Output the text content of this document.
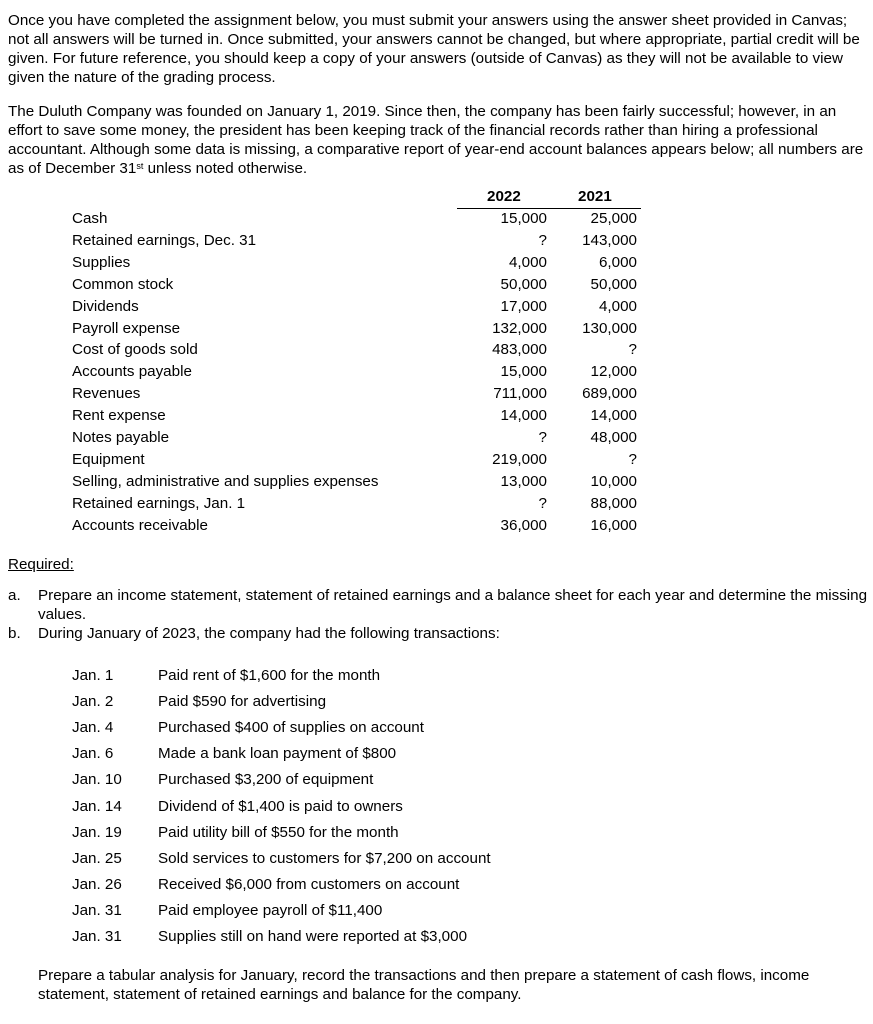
Once you have completed the assignment below, you must submit your answers using the answer sheet provided in Canvas; not all answers will be turned in. Once submitted, your answers cannot be changed, but where appropriate, partial credit will be given. For future reference, you should keep a copy of your answers (outside of Canvas) as they will not be available to view given the nature of the grading process.

The Duluth Company was founded on January 1, 2019. Since then, the company has been fairly successful; however, in an effort to save some money, the president has been keeping track of the financial records rather than hiring a professional accountant. Although some data is missing, a comparative report of year-end account balances appears below; all numbers are as of December 31st unless noted otherwise.

2022	2021
Cash	15,000	25,000
Retained earnings, Dec. 31	? 143,000
Supplies	4,000	6,000
Common stock	50,000	50,000
Dividends	17,000	4,000
Payroll expense	132,000 130,000
Cost of goods sold	483,000	?
Accounts payable	15,000	12,000
Revenues	711,000 689,000
Rent expense	14,000	14,000
Notes payable	?	48,000
Equipment	219,000	?
Selling, administrative and supplies expenses	13,000	10,000
Retained earnings, Jan. 1	?	88,000
Accounts receivable	36,000	16,000
Required:
a. Prepare an income statement, statement of retained earnings and a balance sheet for each year and determine the missing values.
b. During January of 2023, the company had the following transactions:
Jan. 1	Paid rent of $1,600 for the month
Jan. 2	Paid $590 for advertising
Jan. 4	Purchased $400 of supplies on account
Jan. 6	Made a bank loan payment of $800
Jan. 10 Purchased $3,200 of equipment
Jan. 14 Dividend of $1,400 is paid to owners
Jan. 19 Paid utility bill of $550 for the month
Jan. 25 Sold services to customers for $7,200 on account
Jan. 26 Received $6,000 from customers on account
Jan. 31 Paid employee payroll of $11,400
Jan. 31 Supplies still on hand were reported at $3,000

Prepare a tabular analysis for January, record the transactions and then prepare a statement of cash flows, income statement, statement of retained earnings and balance for the company.
